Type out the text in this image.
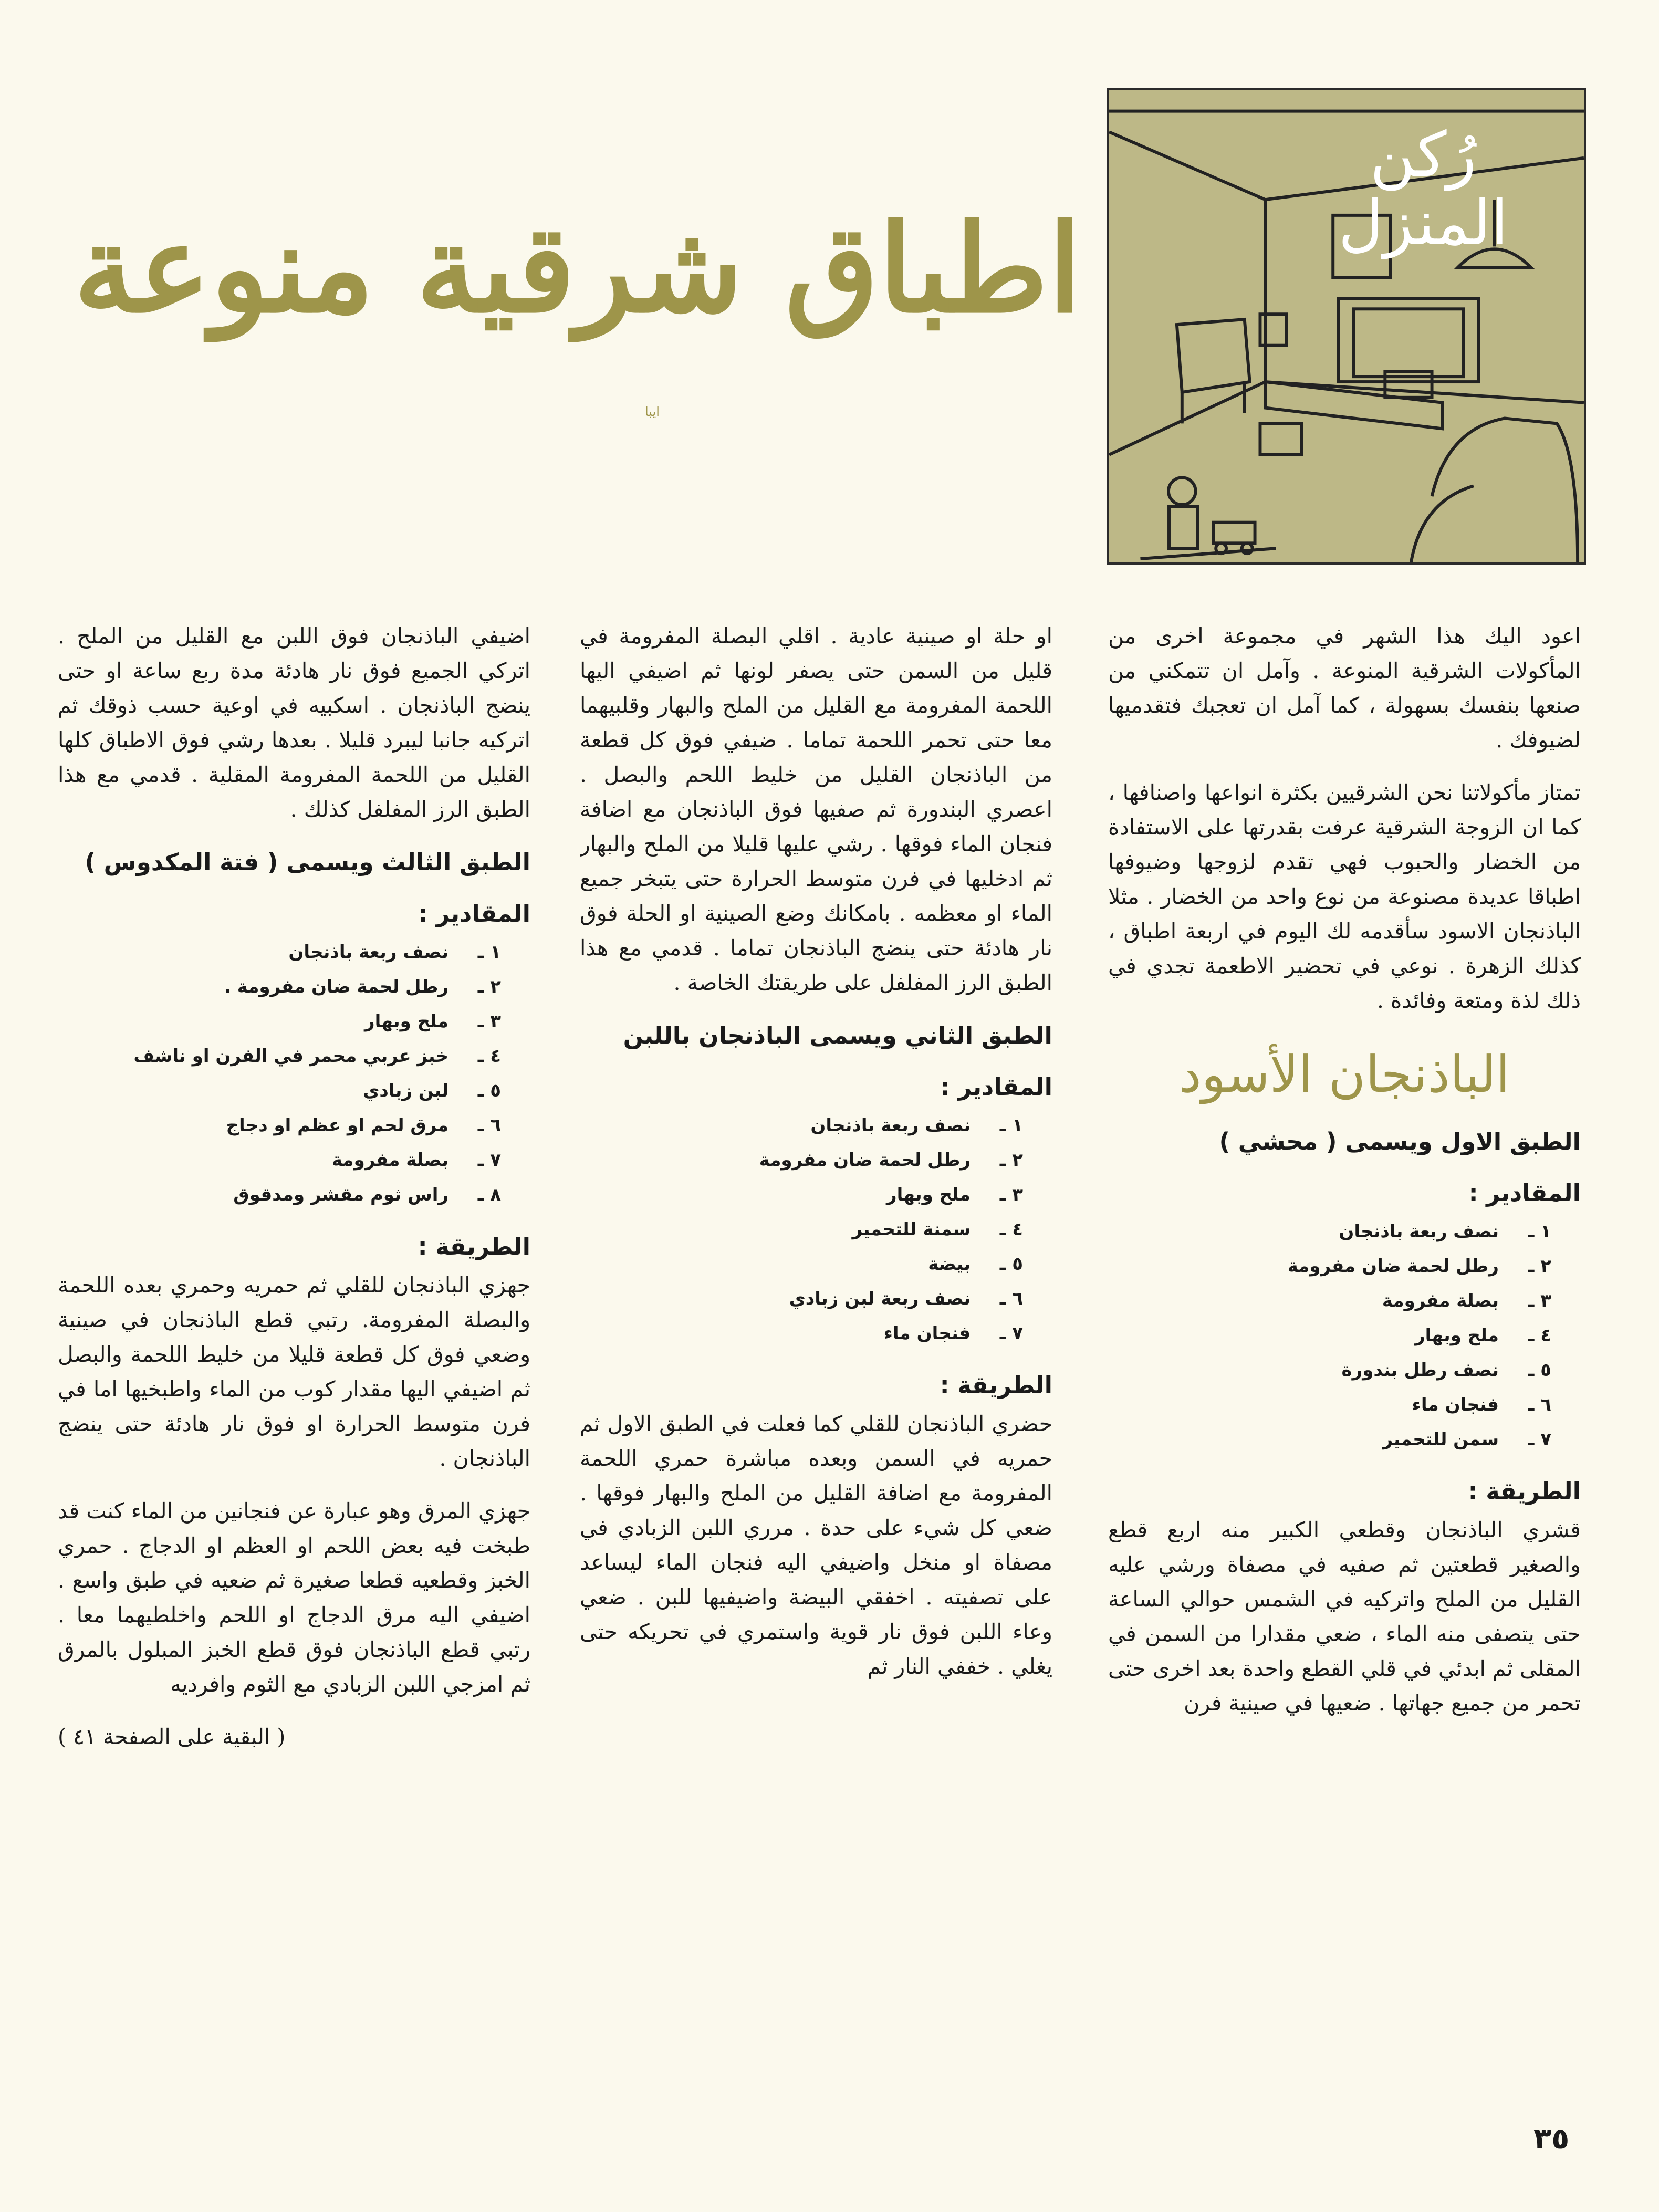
رُكن المنزل
اطباق شرقية منوعة
ايبا

اعود اليك هذا الشهر في مجموعة اخرى من المأكولات الشرقية المنوعة . وآمل ان تتمكني من صنعها بنفسك بسهولة ، كما آمل ان تعجبك فتقدميها لضيوفك .

تمتاز مأكولاتنا نحن الشرقيين بكثرة انواعها واصنافها ، كما ان الزوجة الشرقية عرفت بقدرتها على الاستفادة من الخضار والحبوب فهي تقدم لزوجها وضيوفها اطباقا عديدة مصنوعة من نوع واحد من الخضار . مثلا الباذنجان الاسود سأقدمه لك اليوم في اربعة اطباق ، كذلك الزهرة . نوعي في تحضير الاطعمة تجدي في ذلك لذة ومتعة وفائدة .

الباذنجان الأسود
الطبق الاول ويسمى ( محشي )
المقادير :
١ ـنصف ربعة باذنجان
٢ ـرطل لحمة ضان مفرومة
٣ ـبصلة مفرومة
٤ ـملح وبهار
٥ ـنصف رطل بندورة
٦ ـفنجان ماء
٧ ـسمن للتحمير
الطريقة :

قشري الباذنجان وقطعي الكبير منه اربع قطع والصغير قطعتين ثم صفيه في مصفاة ورشي عليه القليل من الملح واتركيه في الشمس حوالي الساعة حتى يتصفى منه الماء ، ضعي مقدارا من السمن في المقلى ثم ابدئي في قلي القطع واحدة بعد اخرى حتى تحمر من جميع جهاتها . ضعيها في صينية فرن

او حلة او صينية عادية . اقلي البصلة المفرومة في قليل من السمن حتى يصفر لونها ثم اضيفي اليها اللحمة المفرومة مع القليل من الملح والبهار وقلبيهما معا حتى تحمر اللحمة تماما . ضيفي فوق كل قطعة من الباذنجان القليل من خليط اللحم والبصل . اعصري البندورة ثم صفيها فوق الباذنجان مع اضافة فنجان الماء فوقها . رشي عليها قليلا من الملح والبهار ثم ادخليها في فرن متوسط الحرارة حتى يتبخر جميع الماء او معظمه . بامكانك وضع الصينية او الحلة فوق نار هادئة حتى ينضج الباذنجان تماما . قدمي مع هذا الطبق الرز المفلفل على طريقتك الخاصة .

الطبق الثاني ويسمى الباذنجان باللبن
المقادير :
١ ـنصف ربعة باذنجان
٢ ـرطل لحمة ضان مفرومة
٣ ـملح وبهار
٤ ـسمنة للتحمير
٥ ـبيضة
٦ ـنصف ربعة لبن زبادي
٧ ـفنجان ماء
الطريقة :

حضري الباذنجان للقلي كما فعلت في الطبق الاول ثم حمريه في السمن وبعده مباشرة حمري اللحمة المفرومة مع اضافة القليل من الملح والبهار فوقها . ضعي كل شيء على حدة . مرري اللبن الزبادي في مصفاة او منخل واضيفي اليه فنجان الماء ليساعد على تصفيته . اخفقي البيضة واضيفيها للبن . ضعي وعاء اللبن فوق نار قوية واستمري في تحريكه حتى يغلي . خففي النار ثم

اضيفي الباذنجان فوق اللبن مع القليل من الملح . اتركي الجميع فوق نار هادئة مدة ربع ساعة او حتى ينضج الباذنجان . اسكبيه في اوعية حسب ذوقك ثم اتركيه جانبا ليبرد قليلا . بعدها رشي فوق الاطباق كلها القليل من اللحمة المفرومة المقلية . قدمي مع هذا الطبق الرز المفلفل كذلك .

الطبق الثالث ويسمى ( فتة المكدوس )
المقادير :
١ ـنصف ربعة باذنجان
٢ ـرطل لحمة ضان مفرومة .
٣ ـملح وبهار
٤ ـخبز عربي محمر في الفرن او ناشف
٥ ـلبن زبادي
٦ ـمرق لحم او عظم او دجاج
٧ ـبصلة مفرومة
٨ ـراس ثوم مقشر ومدقوق
الطريقة :

جهزي الباذنجان للقلي ثم حمريه وحمري بعده اللحمة والبصلة المفرومة. رتبي قطع الباذنجان في صينية وضعي فوق كل قطعة قليلا من خليط اللحمة والبصل ثم اضيفي اليها مقدار كوب من الماء واطبخيها اما في فرن متوسط الحرارة او فوق نار هادئة حتى ينضج الباذنجان .

جهزي المرق وهو عبارة عن فنجانين من الماء كنت قد طبخت فيه بعض اللحم او العظم او الدجاج . حمري الخبز وقطعيه قطعا صغيرة ثم ضعيه في طبق واسع . اضيفي اليه مرق الدجاج او اللحم واخلطيهما معا . رتبي قطع الباذنجان فوق قطع الخبز المبلول بالمرق ثم امزجي اللبن الزبادي مع الثوم وافرديه

( البقية على الصفحة ٤١ )

٣٥
